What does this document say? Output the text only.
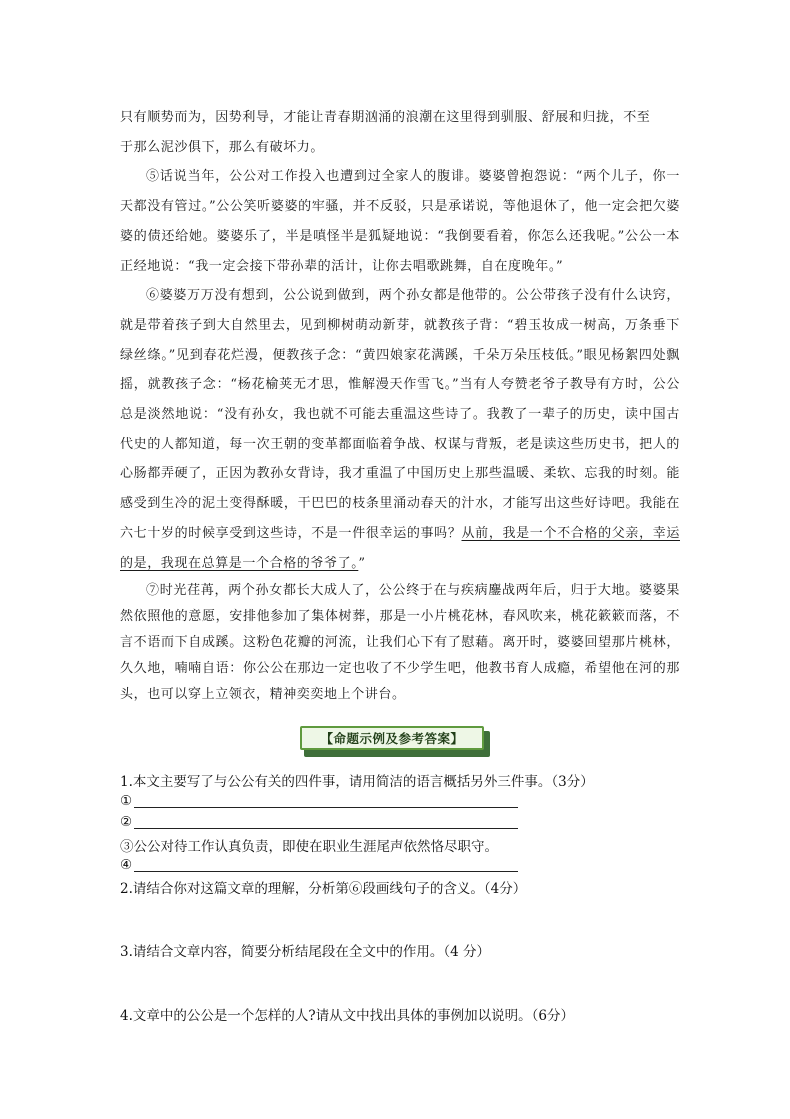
只有顺势而为，因势利导，才能让青春期汹涌的浪潮在这里得到驯服、舒展和归拢，不至
于那么泥沙俱下，那么有破坏力。

⑤话说当年，公公对工作投入也遭到过全家人的腹诽。婆婆曾抱怨说：“两个儿子，你一天都没有管过。”公公笑听婆婆的牢骚，并不反驳，只是承诺说，等他退休了，他一定会把欠婆婆的债还给她。婆婆乐了，半是嗔怪半是狐疑地说：“我倒要看着，你怎么还我呢。”公公一本正经地说：“我一定会接下带孙辈的活计，让你去唱歌跳舞，自在度晚年。”

⑥婆婆万万没有想到，公公说到做到，两个孙女都是他带的。公公带孩子没有什么诀窍，就是带着孩子到大自然里去，见到柳树萌动新芽，就教孩子背：“碧玉妆成一树高，万条垂下绿丝绦。”见到春花烂漫，便教孩子念：“黄四娘家花满蹊，千朵万朵压枝低。”眼见杨絮四处飘摇，就教孩子念：“杨花榆荚无才思，惟解漫天作雪飞。”当有人夸赞老爷子教导有方时，公公总是淡然地说：“没有孙女，我也就不可能去重温这些诗了。我教了一辈子的历史，读中国古代史的人都知道，每一次王朝的变革都面临着争战、权谋与背叛，老是读这些历史书，把人的心肠都弄硬了，正因为教孙女背诗，我才重温了中国历史上那些温暖、柔软、忘我的时刻。能感受到生冷的泥土变得酥暖，干巴巴的枝条里涌动春天的汁水，才能写出这些好诗吧。我能在六七十岁的时候享受到这些诗，不是一件很幸运的事吗？从前，我是一个不合格的父亲，幸运的是，我现在总算是一个合格的爷爷了。”

⑦时光荏苒，两个孙女都长大成人了，公公终于在与疾病鏖战两年后，归于大地。婆婆果然依照他的意愿，安排他参加了集体树葬，那是一小片桃花林，春风吹来，桃花簌簌而落，不言不语而下自成蹊。这粉色花瓣的河流，让我们心下有了慰藉。离开时，婆婆回望那片桃林，久久地，喃喃自语：你公公在那边一定也收了不少学生吧，他教书育人成瘾，希望他在河的那头，也可以穿上立领衣，精神奕奕地上个讲台。

【命题示例及参考答案】
1.本文主要写了与公公有关的四件事，请用简洁的语言概括另外三件事。（3分）
①
②
③公公对待工作认真负责，即使在职业生涯尾声依然恪尽职守。
④
2.请结合你对这篇文章的理解，分析第⑥段画线句子的含义。（4分）
3.请结合文章内容，简要分析结尾段在全文中的作用。（4 分）
4.文章中的公公是一个怎样的人?请从文中找出具体的事例加以说明。（6分）
